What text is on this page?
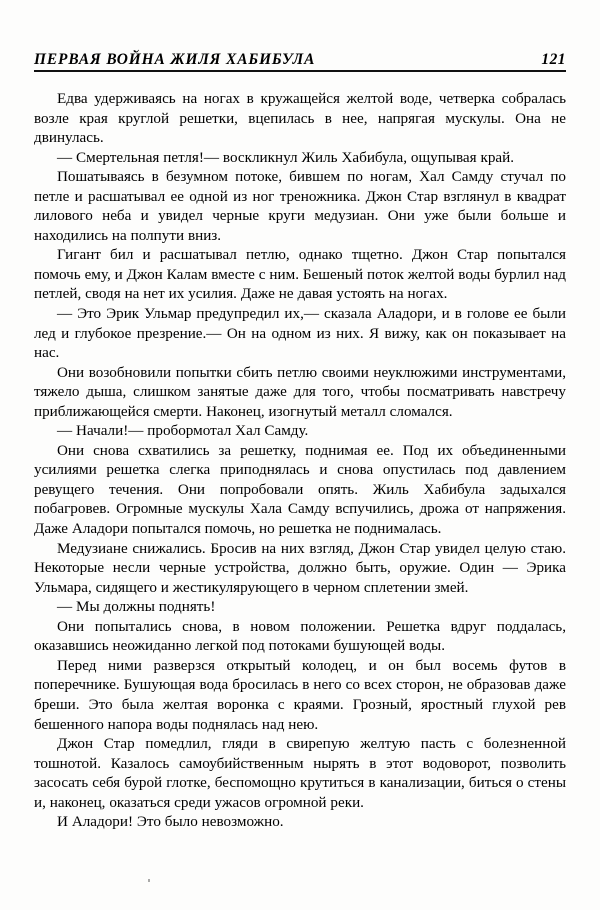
ПЕРВАЯ ВОЙНА ЖИЛЯ ХАБИБУЛА	121

Едва удерживаясь на ногах в кружащейся желтой воде, четверка собралась возле края круглой решетки, вцепилась в нее, напрягая мускулы. Она не двинулась.

— Смертельная петля!— воскликнул Жиль Хабибула, ощупывая край.

Пошатываясь в безумном потоке, бившем по ногам, Хал Самду стучал по петле и расшатывал ее одной из ног треножника. Джон Стар взглянул в квадрат лилового неба и увидел черные круги медузиан. Они уже были больше и находились на полпути вниз.

Гигант бил и расшатывал петлю, однако тщетно. Джон Стар попытался помочь ему, и Джон Калам вместе с ним. Бешеный поток желтой воды бурлил над петлей, сводя на нет их усилия. Даже не давая устоять на ногах.

— Это Эрик Ульмар предупредил их,— сказала Аладори, и в голове ее были лед и глубокое презрение.— Он на одном из них. Я вижу, как он показывает на нас.

Они возобновили попытки сбить петлю своими неуклюжими инструментами, тяжело дыша, слишком занятые даже для того, чтобы посматривать навстречу приближающейся смерти. Наконец, изогнутый металл сломался.

— Начали!— пробормотал Хал Самду.

Они снова схватились за решетку, поднимая ее. Под их объединенными усилиями решетка слегка приподнялась и снова опустилась под давлением ревущего течения. Они попробовали опять. Жиль Хабибула задыхался побагровев. Огромные мускулы Хала Самду вспучились, дрожа от напряжения. Даже Аладори попытался помочь, но решетка не поднималась.

Медузиане снижались. Бросив на них взгляд, Джон Стар увидел целую стаю. Некоторые несли черные устройства, должно быть, оружие. Один — Эрика Ульмара, сидящего и жестикулярующего в черном сплетении змей.

— Мы должны поднять!

Они попытались снова, в новом положении. Решетка вдруг поддалась, оказавшись неожиданно легкой под потоками бушующей воды.

Перед ними разверзся открытый колодец, и он был восемь футов в поперечнике. Бушующая вода бросилась в него со всех сторон, не образовав даже бреши. Это была желтая воронка с краями. Грозный, яростный глухой рев бешенного напора воды поднялась над нею.

Джон Стар помедлил, гляди в свирепую желтую пасть с болезненной тошнотой. Казалось самоубийственным нырять в этот водоворот, позволить засосать себя бурой глотке, беспомощно крутиться в канализации, биться о стены и, наконец, оказаться среди ужасов огромной реки.

И Аладори! Это было невозможно.
